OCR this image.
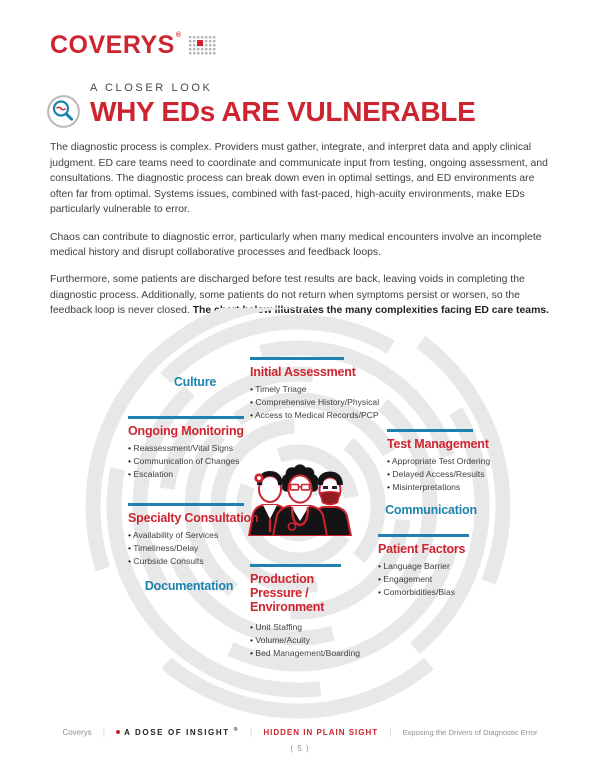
COVERYS®
A CLOSER LOOK
WHY EDs ARE VULNERABLE

The diagnostic process is complex. Providers must gather, integrate, and interpret data and apply clinical judgment. ED care teams need to coordinate and communicate input from testing, ongoing assessment, and consultations. The diagnostic process can break down even in optimal settings, and ED environments are often far from optimal. Systems issues, combined with fast-paced, high-acuity environments, make EDs particularly vulnerable to error.

Chaos can contribute to diagnostic error, particularly when many medical encounters involve an incomplete medical history and disrupt collaborative processes and feedback loops.

Furthermore, some patients are discharged before test results are back, leaving voids in completing the diagnostic process. Additionally, some patients do not return when symptoms persist or worsen, so the feedback loop is never closed. The chart below illustrates the many complexities facing ED care teams.

Culture
Communication
Documentation
Initial Assessment
• Timely Triage
• Comprehensive History/Physical
• Access to Medical Records/PCP
Ongoing Monitoring
• Reassessment/Vital Signs
• Communication of Changes
• Escalation
Test Management
• Appropriate Test Ordering
• Delayed Access/Results
• Misinterpretations
Specialty Consultation
• Availability of Services
• Timeliness/Delay
• Curbside Consults
Patient Factors
• Language Barrier
• Engagement
• Comorbidities/Bias
Production Pressure / Environment
• Unit Staffing
• Volume/Acuity
• Bed Management/Boarding
Coverys | A DOSE OF INSIGHT ® | HIDDEN IN PLAIN SIGHT | Exposing the Drivers of Diagnostic Error
( 5 )
